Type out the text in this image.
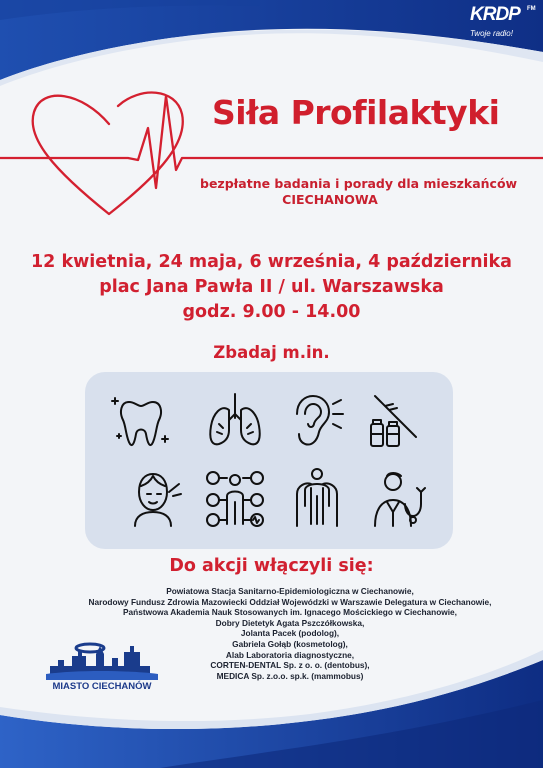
KRDP FM
Twoje radio!
Siła Profilaktyki
bezpłatne badania i porady dla mieszkańców
CIECHANOWA
12 kwietnia, 24 maja, 6 września, 4 października
plac Jana Pawła II / ul. Warszawska
godz. 9.00 - 14.00
Zbadaj m.in.
Do akcji włączyli się:
Powiatowa Stacja Sanitarno-Epidemiologiczna w Ciechanowie,
Narodowy Fundusz Zdrowia Mazowiecki Oddział Wojewódzki w Warszawie Delegatura w Ciechanowie,
Państwowa Akademia Nauk Stosowanych im. Ignacego Mościckiego w Ciechanowie,
Dobry Dietetyk Agata Pszczółkowska,
Jolanta Pacek (podolog),
Gabriela Gołąb (kosmetolog),
Alab Laboratoria diagnostyczne,
CORTEN-DENTAL Sp. z o. o. (dentobus),
MEDICA Sp. z.o.o. sp.k. (mammobus)
MIASTO CIECHANÓW
